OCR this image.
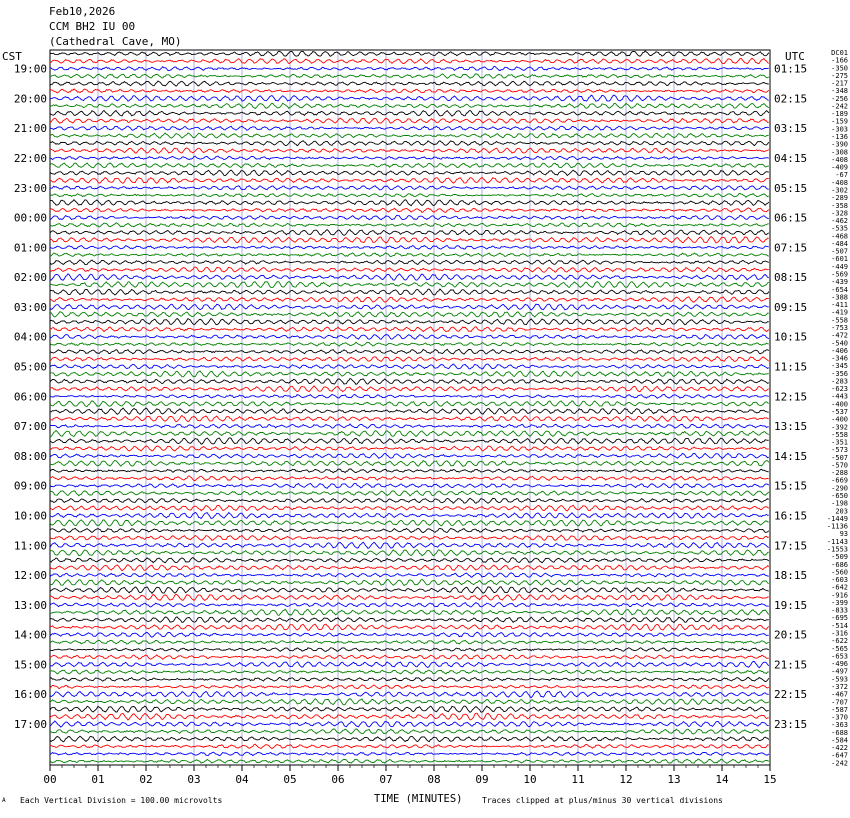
Feb10,2026
CCM BH2 IU 00
(Cathedral Cave, MO)
00	01	02	03	04	05	06	07	08	09	10	11	12	13	14	15
CST	UTC
19:00
20:00
21:00
22:00
23:00
00:00
01:00
02:00
03:00
04:00
05:00
06:00
07:00
08:00
09:00
10:00
11:00
12:00
13:00
14:00
15:00
16:00
17:00
01:15
02:15
03:15
04:15
05:15
06:15
07:15
08:15
09:15
10:15
11:15
12:15
13:15
14:15
15:15
16:15
17:15
18:15
19:15
20:15
21:15
22:15
23:15
DC01
-166
-350
-275
-217
-348
-256
-242
-189
-159
-303
-136
-390
-308
-408
-409
-67
-408
-302
-289
-358
-328
-462
-535
-468
-484
-507
-601
-449
-569
-439
-654
-388
-411
-419
-558
-753
-472
-540
-406
-346
-345
-356
-283
-623
-443
-400
-537
-400
-392
-558
-351
-573
-507
-570
-288
-669
-290
-650
-198
203
-1449
-1136
93
-1143
-1553
-509
-686
-560
-603
-642
-916
-399
-833
-695
-514
-316
-622
-565
-653
-496
-497
-593
-372
-467
-707
-587
-370
-363
-688
-584
-422
-647
-242
TIME (MINUTES)
A Each Vertical Division = 100.00 microvolts	Traces clipped at plus/minus 30 vertical divisions
